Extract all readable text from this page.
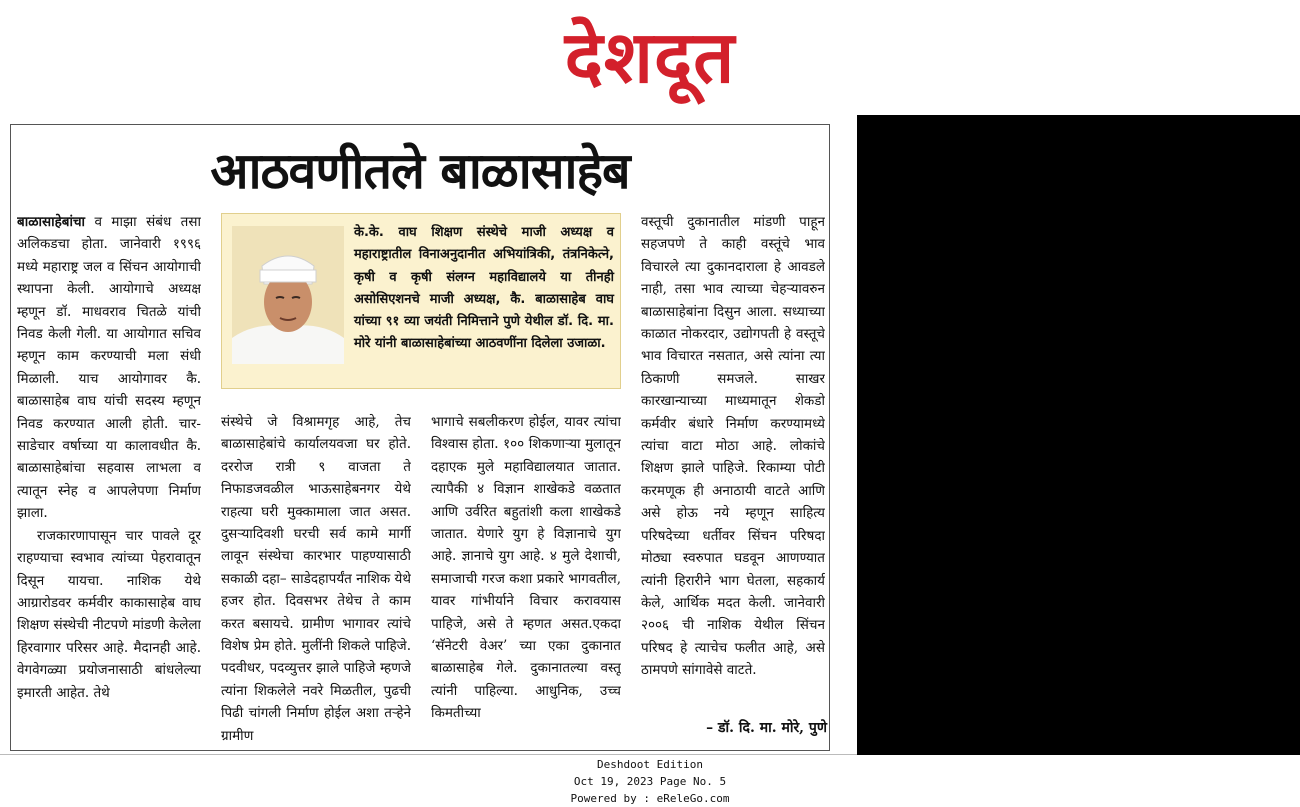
देशदूत
आठवणीतले बाळासाहेब

बाळासाहेबांचा व माझा संबंध तसा अलिकडचा होता. जानेवारी १९९६ मध्ये महाराष्ट्र जल व सिंचन आयोगाची स्थापना केली. आयोगाचे अध्यक्ष म्हणून डॉ. माधवराव चितळे यांची निवड केली गेली. या आयोगात सचिव म्हणून काम करण्याची मला संधी मिळाली. याच आयोगावर कै. बाळासाहेब वाघ यांची सदस्य म्हणून निवड करण्यात आली होती. चार-साडेचार वर्षाच्या या कालावधीत कै. बाळासाहेबांचा सहवास लाभला व त्यातून स्नेह व आपलेपणा निर्माण झाला.

राजकारणापासून चार पावले दूर राहण्याचा स्वभाव त्यांच्या पेहरावातून दिसून यायचा. नाशिक येथे आग्रारोडवर कर्मवीर काकासाहेब वाघ शिक्षण संस्थेची नीटपणे मांडणी केलेला हिरवागार परिसर आहे. मैदानही आहे. वेगवेगळ्या प्रयोजनासाठी बांधलेल्या इमारती आहेत. तेथे

के.के. वाघ शिक्षण संस्थेचे माजी अध्यक्ष व महाराष्ट्रातील विनाअनुदानीत अभियांत्रिकी, तंत्रनिकेत्ने, कृषी व कृषी संलग्न महाविद्यालये या तीनही असोसिएशनचे माजी अध्यक्ष, कै. बाळासाहेब वाघ यांच्या ९१ व्या जयंती निमित्ताने पुणे येथील डॉ. दि. मा. मोरे यांनी बाळासाहेबांच्या आठवणींना दिलेला उजाळा.

संस्थेचे जे विश्रामगृह आहे, तेच बाळासाहेबांचे कार्यालयवजा घर होते. दररोज रात्री ९ वाजता ते निफाडजवळील भाऊसाहेबनगर येथे राहत्या घरी मुक्कामाला जात असत. दुसऱ्यादिवशी घरची सर्व कामे मार्गी लावून संस्थेचा कारभार पाहण्यासाठी सकाळी दहा– साडेदहापर्यंत नाशिक येथे हजर होत. दिवसभर तेथेच ते काम करत बसायचे. ग्रामीण भागावर त्यांचे विशेष प्रेम होते. मुलींनी शिकले पाहिजे. पदवीधर, पदव्युत्तर झाले पाहिजे म्हणजे त्यांना शिकलेले नवरे मिळतील, पुढची पिढी चांगली निर्माण होईल अशा तऱ्हेने ग्रामीण

भागाचे सबलीकरण होईल, यावर त्यांचा विश्वास होता. १०० शिकणाऱ्या मुलातून दहाएक मुले महाविद्यालयात जातात. त्यापैकी ४ विज्ञान शाखेकडे वळतात आणि उर्वरित बहुतांशी कला शाखेकडे जातात. येणारे युग हे विज्ञानाचे युग आहे. ज्ञानाचे युग आहे. ४ मुले देशाची, समाजाची गरज कशा प्रकारे भागवतील, यावर गांभीर्याने विचार करावयास पाहिजे, असे ते म्हणत असत.एकदा ‘सॅनेटरी वेअर’ च्या एका दुकानात बाळासाहेब गेले. दुकानातल्या वस्तू त्यांनी पाहिल्या. आधुनिक, उच्च किमतीच्या

वस्तूची दुकानातील मांडणी पाहून सहजपणे ते काही वस्तूंचे भाव विचारले त्या दुकानदाराला हे आवडले नाही, तसा भाव त्याच्या चेहऱ्यावरुन बाळासाहेबांना दिसुन आला. सध्याच्या काळात नोकरदार, उद्योगपती हे वस्तूचे भाव विचारत नसतात, असे त्यांना त्या ठिकाणी समजले. साखर कारखान्याच्या माध्यमातून शेकडो कर्मवीर बंधारे निर्माण करण्यामध्ये त्यांचा वाटा मोठा आहे. लोकांचे शिक्षण झाले पाहिजे. रिकाम्या पोटी करमणूक ही अनाठायी वाटते आणि असे होऊ नये म्हणून साहित्य परिषदेच्या धर्तीवर सिंचन परिषदा मोठ्या स्वरुपात घडवून आणण्यात त्यांनी हिरारीने भाग घेतला, सहकार्य केले, आर्थिक मदत केली. जानेवारी २००६ ची नाशिक येथील सिंचन परिषद हे त्याचेच फलीत आहे, असे ठामपणे सांगावेसे वाटते.

– डॉ. दि. मा. मोरे, पुणे
Deshdoot Edition
Oct 19, 2023 Page No. 5
Powered by : eReleGo.com
